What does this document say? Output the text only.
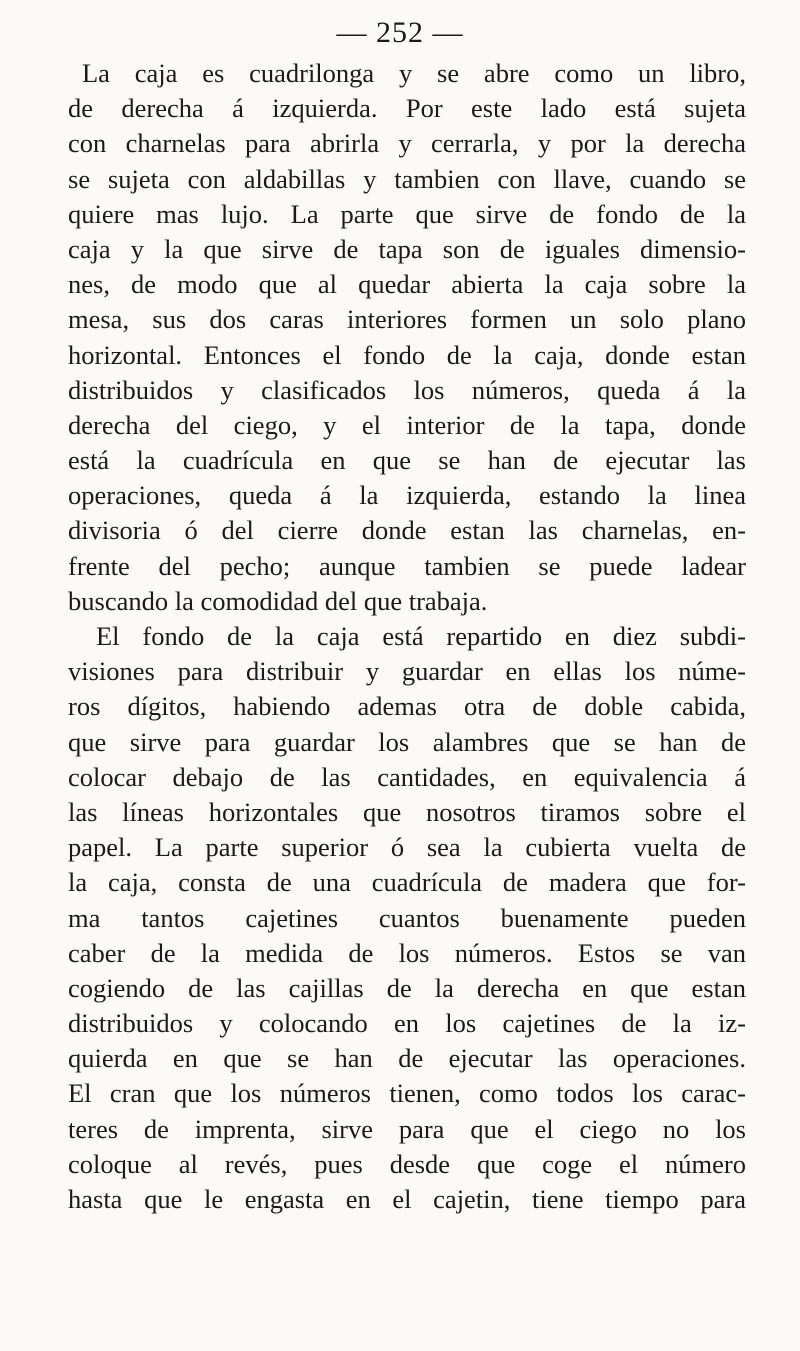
— 252 —
La caja es cuadrilonga y se abre como un libro,
de derecha á izquierda. Por este lado está sujeta
con charnelas para abrirla y cerrarla, y por la derecha
se sujeta con aldabillas y tambien con llave, cuando se
quiere mas lujo. La parte que sirve de fondo de la
caja y la que sirve de tapa son de iguales dimensio-
nes, de modo que al quedar abierta la caja sobre la
mesa, sus dos caras interiores formen un solo plano
horizontal. Entonces el fondo de la caja, donde estan
distribuidos y clasificados los números, queda á la
derecha del ciego, y el interior de la tapa, donde
está la cuadrícula en que se han de ejecutar las
operaciones, queda á la izquierda, estando la linea
divisoria ó del cierre donde estan las charnelas, en-
frente del pecho; aunque tambien se puede ladear
buscando la comodidad del que trabaja.
El fondo de la caja está repartido en diez subdi-
visiones para distribuir y guardar en ellas los núme-
ros dígitos, habiendo ademas otra de doble cabida,
que sirve para guardar los alambres que se han de
colocar debajo de las cantidades, en equivalencia á
las líneas horizontales que nosotros tiramos sobre el
papel. La parte superior ó sea la cubierta vuelta de
la caja, consta de una cuadrícula de madera que for-
ma tantos cajetines cuantos buenamente pueden
caber de la medida de los números. Estos se van
cogiendo de las cajillas de la derecha en que estan
distribuidos y colocando en los cajetines de la iz-
quierda en que se han de ejecutar las operaciones.
El cran que los números tienen, como todos los carac-
teres de imprenta, sirve para que el ciego no los
coloque al revés, pues desde que coge el número
hasta que le engasta en el cajetin, tiene tiempo para
